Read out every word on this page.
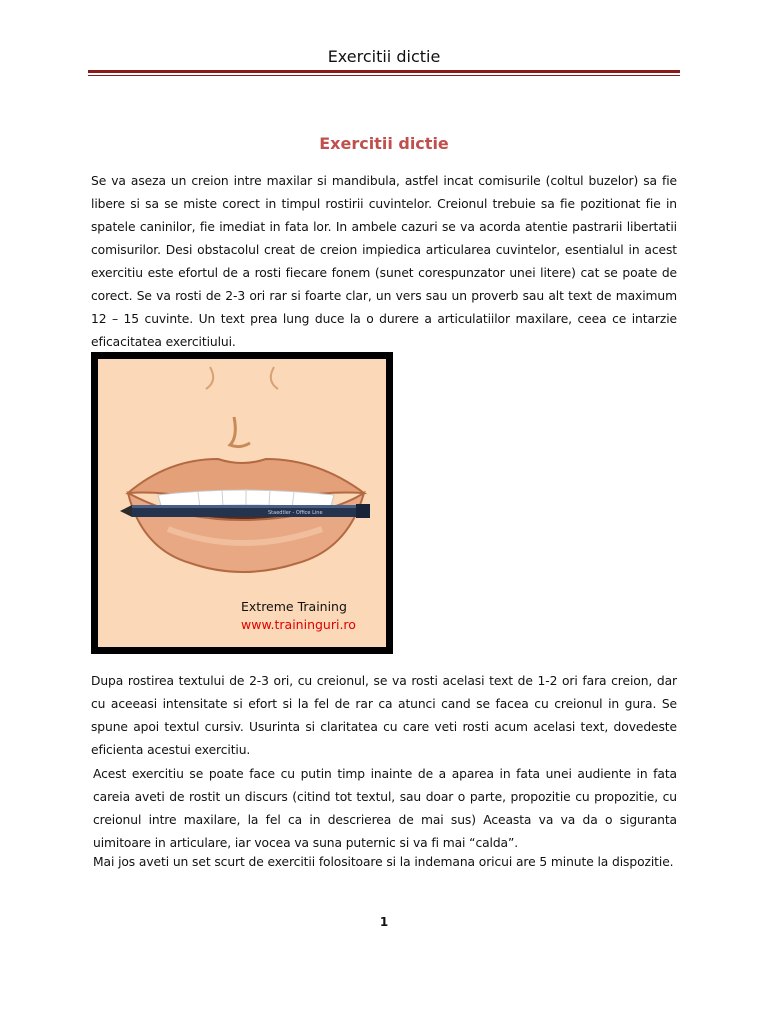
Exercitii dictie
Exercitii dictie
Se va aseza un creion intre maxilar si mandibula, astfel incat comisurile (coltul buzelor) sa fie libere si sa se miste corect in timpul rostirii cuvintelor. Creionul trebuie sa fie pozitionat fie in spatele caninilor, fie imediat in fata lor. In ambele cazuri se va acorda atentie pastrarii libertatii comisurilor. Desi obstacolul creat de creion impiedica articularea cuvintelor, esentialul in acest exercitiu este efortul de a rosti fiecare fonem (sunet corespunzator unei litere) cat se poate de corect. Se va rosti de 2-3 ori rar si foarte clar, un vers sau un proverb sau alt text de maximum 12 – 15 cuvinte. Un text prea lung duce la o durere a articulatiilor maxilare, ceea ce intarzie eficacitatea exercitiului.
Staedtler - Office Line
Extreme Training
www.traininguri.ro
Dupa rostirea textului de 2-3 ori, cu creionul, se va rosti acelasi text de 1-2 ori fara creion, dar cu aceeasi intensitate si efort si la fel de rar ca atunci cand se facea cu creionul in gura. Se spune apoi textul cursiv. Usurinta si claritatea cu care veti rosti acum acelasi text, dovedeste eficienta acestui exercitiu.
Acest exercitiu se poate face cu putin timp inainte de a aparea in fata unei audiente in fata careia aveti de rostit un discurs (citind tot textul, sau doar o parte, propozitie cu propozitie, cu creionul intre maxilare, la fel ca in descrierea de mai sus) Aceasta va va da o siguranta uimitoare in articulare, iar vocea va suna puternic si va fi mai “calda”.
Mai jos aveti un set scurt de exercitii folositoare si la indemana oricui are 5 minute la dispozitie.
1
